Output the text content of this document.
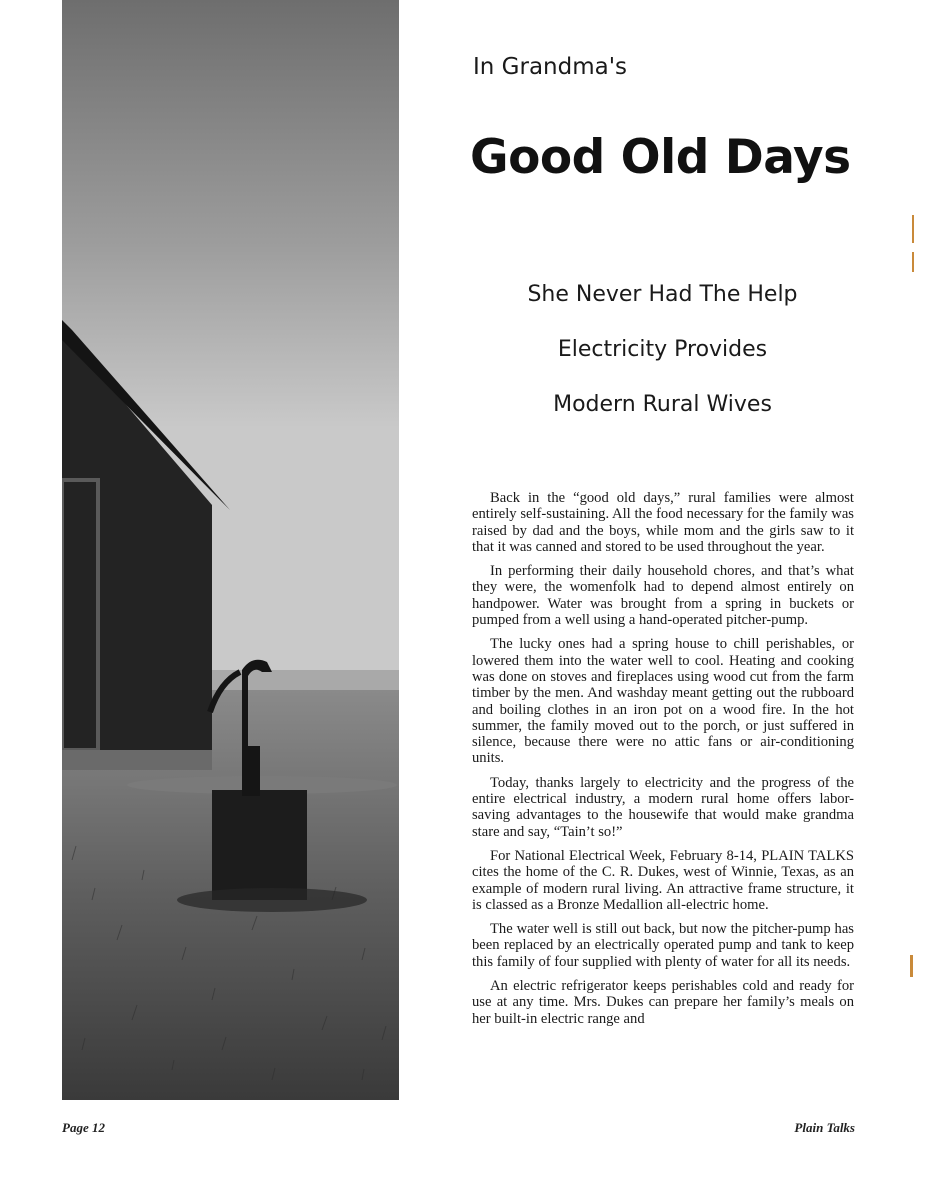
In Grandma's
Good Old Days
She Never Had The Help
Electricity Provides
Modern Rural Wives

Back in the “good old days,” rural families were almost entirely self-sustaining. All the food necessary for the family was raised by dad and the boys, while mom and the girls saw to it that it was canned and stored to be used throughout the year.

In performing their daily household chores, and that’s what they were, the womenfolk had to depend almost entirely on handpower. Water was brought from a spring in buckets or pumped from a well using a hand-operated pitcher-pump.

The lucky ones had a spring house to chill perishables, or lowered them into the water well to cool. Heating and cooking was done on stoves and fireplaces using wood cut from the farm timber by the men. And washday meant getting out the rubboard and boiling clothes in an iron pot on a wood fire. In the hot summer, the family moved out to the porch, or just suffered in silence, because there were no attic fans or air-conditioning units.

Today, thanks largely to electricity and the progress of the entire electrical industry, a modern rural home offers labor-saving advantages to the housewife that would make grandma stare and say, “Tain’t so!”

For National Electrical Week, February 8-14, PLAIN TALKS cites the home of the C. R. Dukes, west of Winnie, Texas, as an example of modern rural living. An attractive frame structure, it is classed as a Bronze Medallion all-electric home.

The water well is still out back, but now the pitcher-pump has been replaced by an electrically operated pump and tank to keep this family of four supplied with plenty of water for all its needs.

An electric refrigerator keeps perishables cold and ready for use at any time. Mrs. Dukes can prepare her family’s meals on her built-in electric range and

Page 12	Plain Talks
